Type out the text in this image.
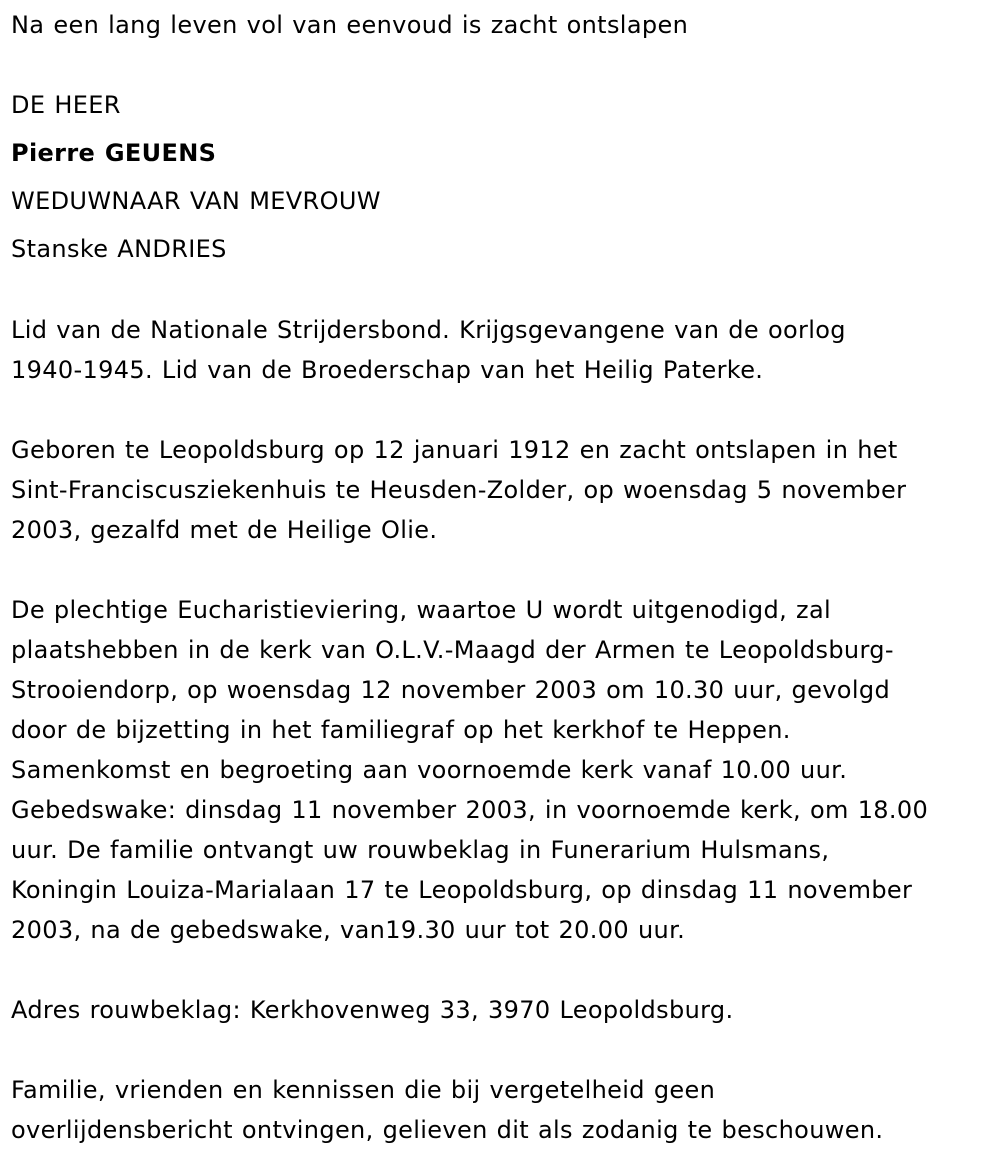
Na een lang leven vol van eenvoud is zacht ontslapen
DE HEER
Pierre GEUENS
WEDUWNAAR VAN MEVROUW
Stanske ANDRIES
Lid van de Nationale Strijdersbond. Krijgsgevangene van de oorlog
1940-1945. Lid van de Broederschap van het Heilig Paterke.
Geboren te Leopoldsburg op 12 januari 1912 en zacht ontslapen in het
Sint-Franciscusziekenhuis te Heusden-Zolder, op woensdag 5 november
2003, gezalfd met de Heilige Olie.
De plechtige Eucharistieviering, waartoe U wordt uitgenodigd, zal
plaatshebben in de kerk van O.L.V.-Maagd der Armen te Leopoldsburg-
Strooiendorp, op woensdag 12 november 2003 om 10.30 uur, gevolgd
door de bijzetting in het familiegraf op het kerkhof te Heppen.
Samenkomst en begroeting aan voornoemde kerk vanaf 10.00 uur.
Gebedswake: dinsdag 11 november 2003, in voornoemde kerk, om 18.00
uur. De familie ontvangt uw rouwbeklag in Funerarium Hulsmans,
Koningin Louiza-Marialaan 17 te Leopoldsburg, op dinsdag 11 november
2003, na de gebedswake, van19.30 uur tot 20.00 uur.
Adres rouwbeklag: Kerkhovenweg 33, 3970 Leopoldsburg.
Familie, vrienden en kennissen die bij vergetelheid geen
overlijdensbericht ontvingen, gelieven dit als zodanig te beschouwen.
